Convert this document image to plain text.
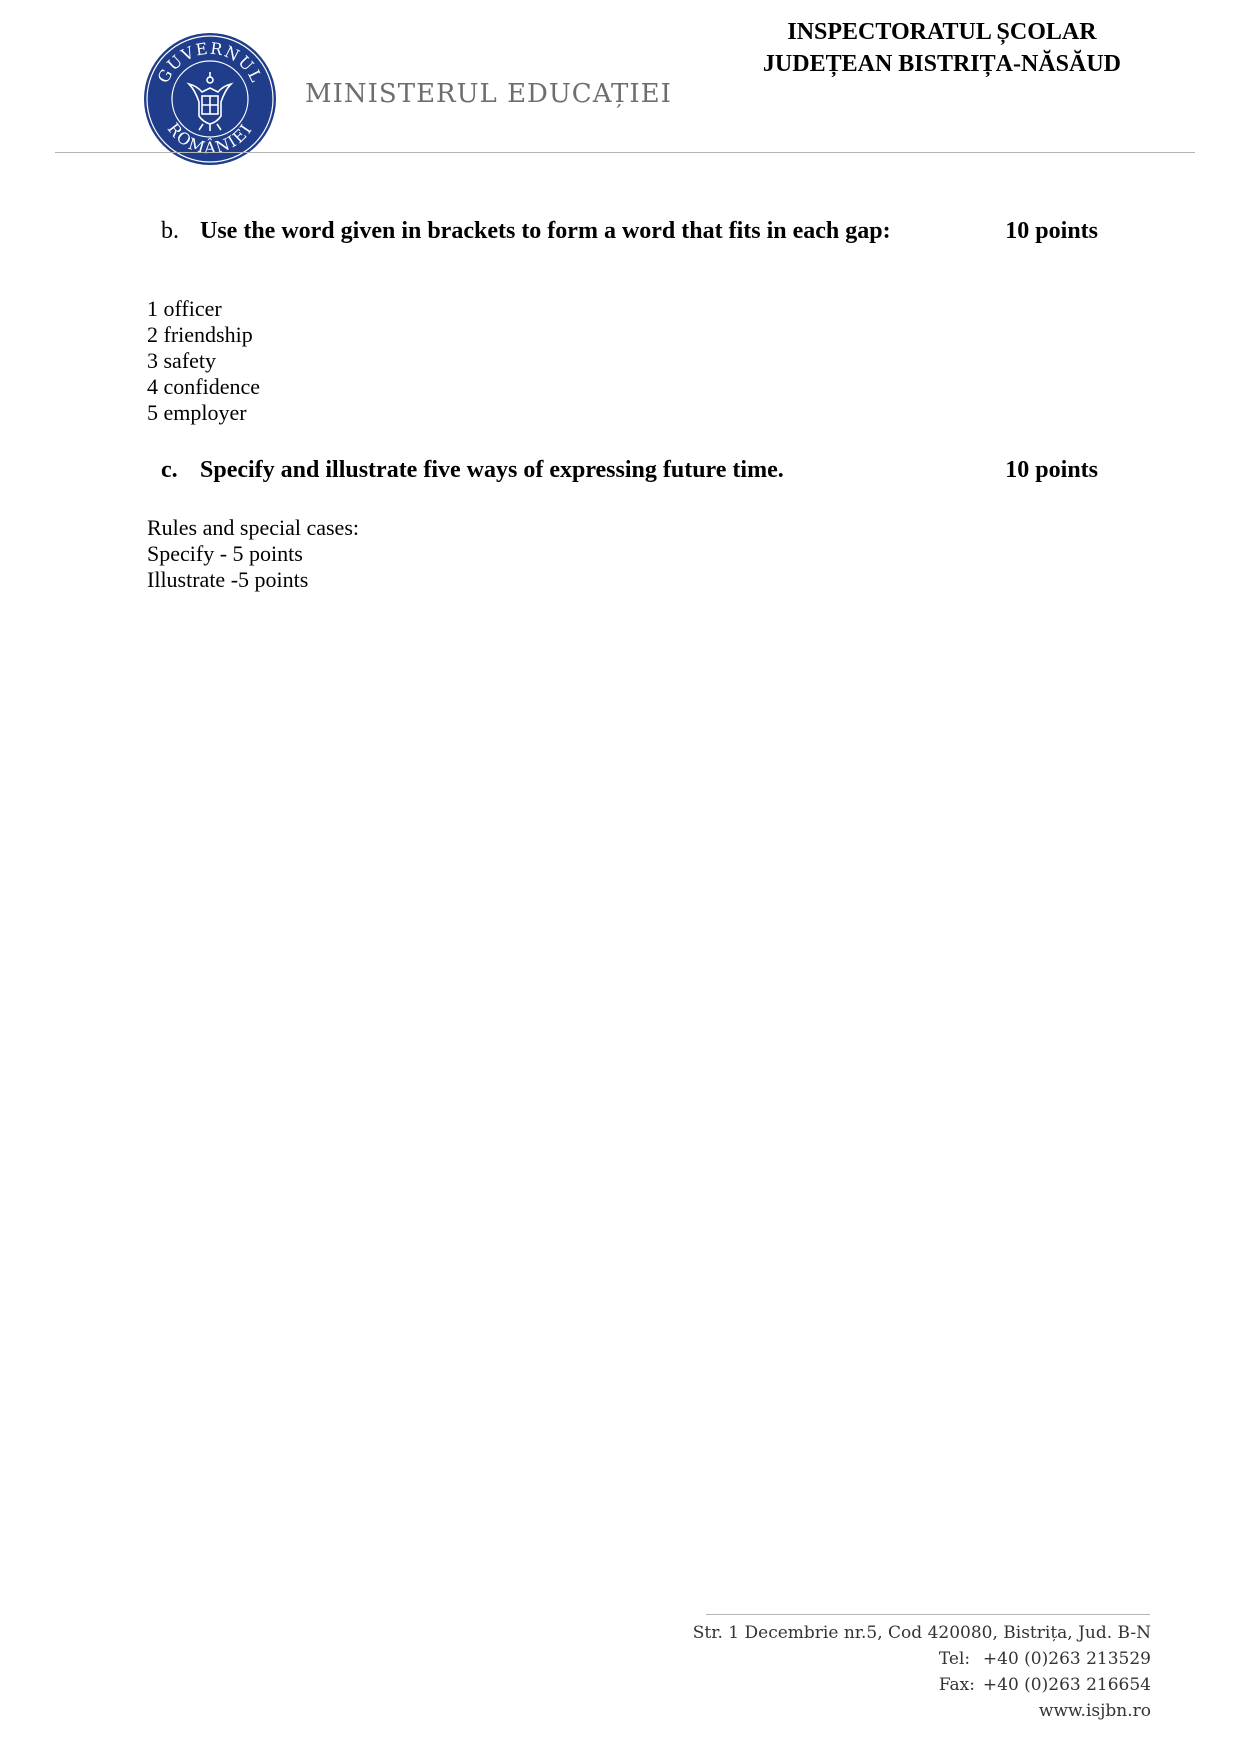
GUVERNUL
ROMÂNIEI
MINISTERUL EDUCAȚIEI
INSPECTORATUL ȘCOLAR
JUDEȚEAN BISTRIȚA-NĂSĂUD
b. Use the word given in brackets to form a word that fits in each gap:	10 points
1 officer
2 friendship
3 safety
4 confidence
5 employer
c. Specify and illustrate five ways of expressing future time.	10 points
Rules and special cases:
Specify - 5 points
Illustrate -5 points
Str. 1 Decembrie nr.5, Cod 420080, Bistrița, Jud. B-N
Tel: +40 (0)263 213529
Fax: +40 (0)263 216654
www.isjbn.ro
